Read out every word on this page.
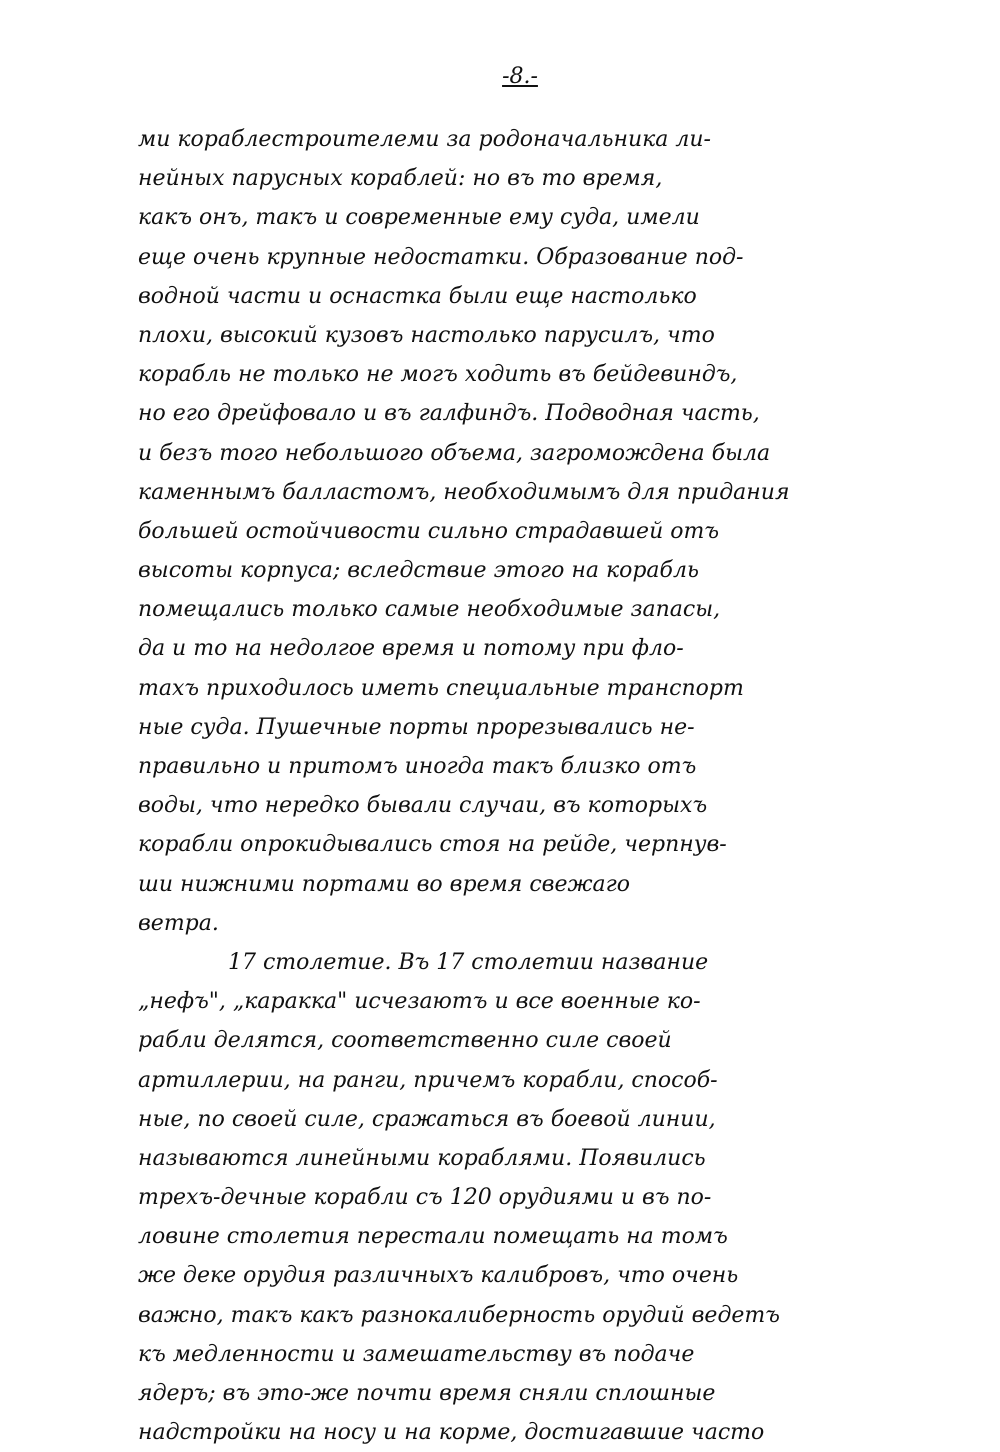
-8.-
ми кораблестроителеми за родоначальника ли-
нейных парусных кораблей: но въ то время,
какъ онъ, такъ и современные ему суда, имели
еще очень крупные недостатки. Образование под-
водной части и оснастка были еще настолько
плохи, высокий кузовъ настолько парусилъ, что
корабль не только не могъ ходить въ бейдевиндъ,
но его дрейфовало и въ галфиндъ. Подводная часть,
и безъ того небольшого объема, загромождена была
каменнымъ балластомъ, необходимымъ для придания
большей остойчивости сильно страдавшей отъ
высоты корпуса; вследствие этого на корабль
помещались только самые необходимые запасы,
да и то на недолгое время и потому при фло-
тахъ приходилось иметь специальные транспорт
ные суда. Пушечные порты прорезывались не-
правильно и притомъ иногда такъ близко отъ
воды, что нередко бывали случаи, въ которыхъ
корабли опрокидывались стоя на рейде, черпнув-
ши нижними портами во время свежаго
ветра.
17 столетие. Въ 17 столетии название
„нефъ", „каракка" исчезаютъ и все военные ко-
рабли делятся, соответственно силе своей
артиллерии, на ранги, причемъ корабли, способ-
ные, по своей силе, сражаться въ боевой линии,
называются линейными кораблями. Появились
трехъ-дечные корабли съ 120 орудиями и въ по-
ловине столетия перестали помещать на томъ
же деке орудия различныхъ калибровъ, что очень
важно, такъ какъ разнокалиберность орудий ведетъ
къ медленности и замешательству въ подаче
ядеръ; въ это-же почти время сняли сплошные
надстройки на носу и на корме, достигавшие часто
